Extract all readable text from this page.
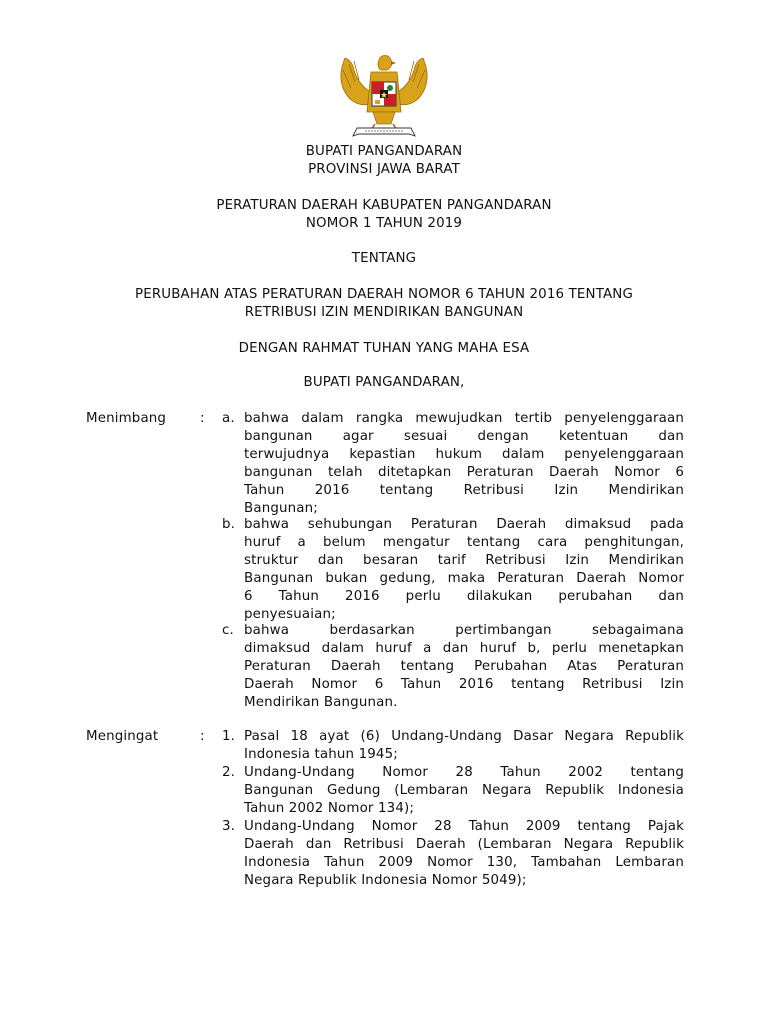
BUPATI PANGANDARAN
PROVINSI JAWA BARAT
PERATURAN DAERAH KABUPATEN PANGANDARAN
NOMOR 1 TAHUN 2019
TENTANG
PERUBAHAN ATAS PERATURAN DAERAH NOMOR 6 TAHUN 2016 TENTANG
RETRIBUSI IZIN MENDIRIKAN BANGUNAN
DENGAN RAHMAT TUHAN YANG MAHA ESA
BUPATI PANGANDARAN,
Menimbang	: a. bahwa dalam rangka mewujudkan tertib penyelenggaraan
bangunan agar sesuai dengan ketentuan dan
terwujudnya kepastian hukum dalam penyelenggaraan
bangunan telah ditetapkan Peraturan Daerah Nomor 6
Tahun 2016 tentang Retribusi Izin Mendirikan
Bangunan;
b. bahwa sehubungan Peraturan Daerah dimaksud pada
huruf a belum mengatur tentang cara penghitungan,
struktur dan besaran tarif Retribusi Izin Mendirikan
Bangunan bukan gedung, maka Peraturan Daerah Nomor
6 Tahun 2016 perlu dilakukan perubahan dan
penyesuaian;
c. bahwa berdasarkan pertimbangan sebagaimana
dimaksud dalam huruf a dan huruf b, perlu menetapkan
Peraturan Daerah tentang Perubahan Atas Peraturan
Daerah Nomor 6 Tahun 2016 tentang Retribusi Izin
Mendirikan Bangunan.
Mengingat	: 1. Pasal 18 ayat (6) Undang-Undang Dasar Negara Republik
Indonesia tahun 1945;
2. Undang-Undang Nomor 28 Tahun 2002 tentang
Bangunan Gedung (Lembaran Negara Republik Indonesia
Tahun 2002 Nomor 134);
3. Undang-Undang Nomor 28 Tahun 2009 tentang Pajak
Daerah dan Retribusi Daerah (Lembaran Negara Republik
Indonesia Tahun 2009 Nomor 130, Tambahan Lembaran
Negara Republik Indonesia Nomor 5049);
